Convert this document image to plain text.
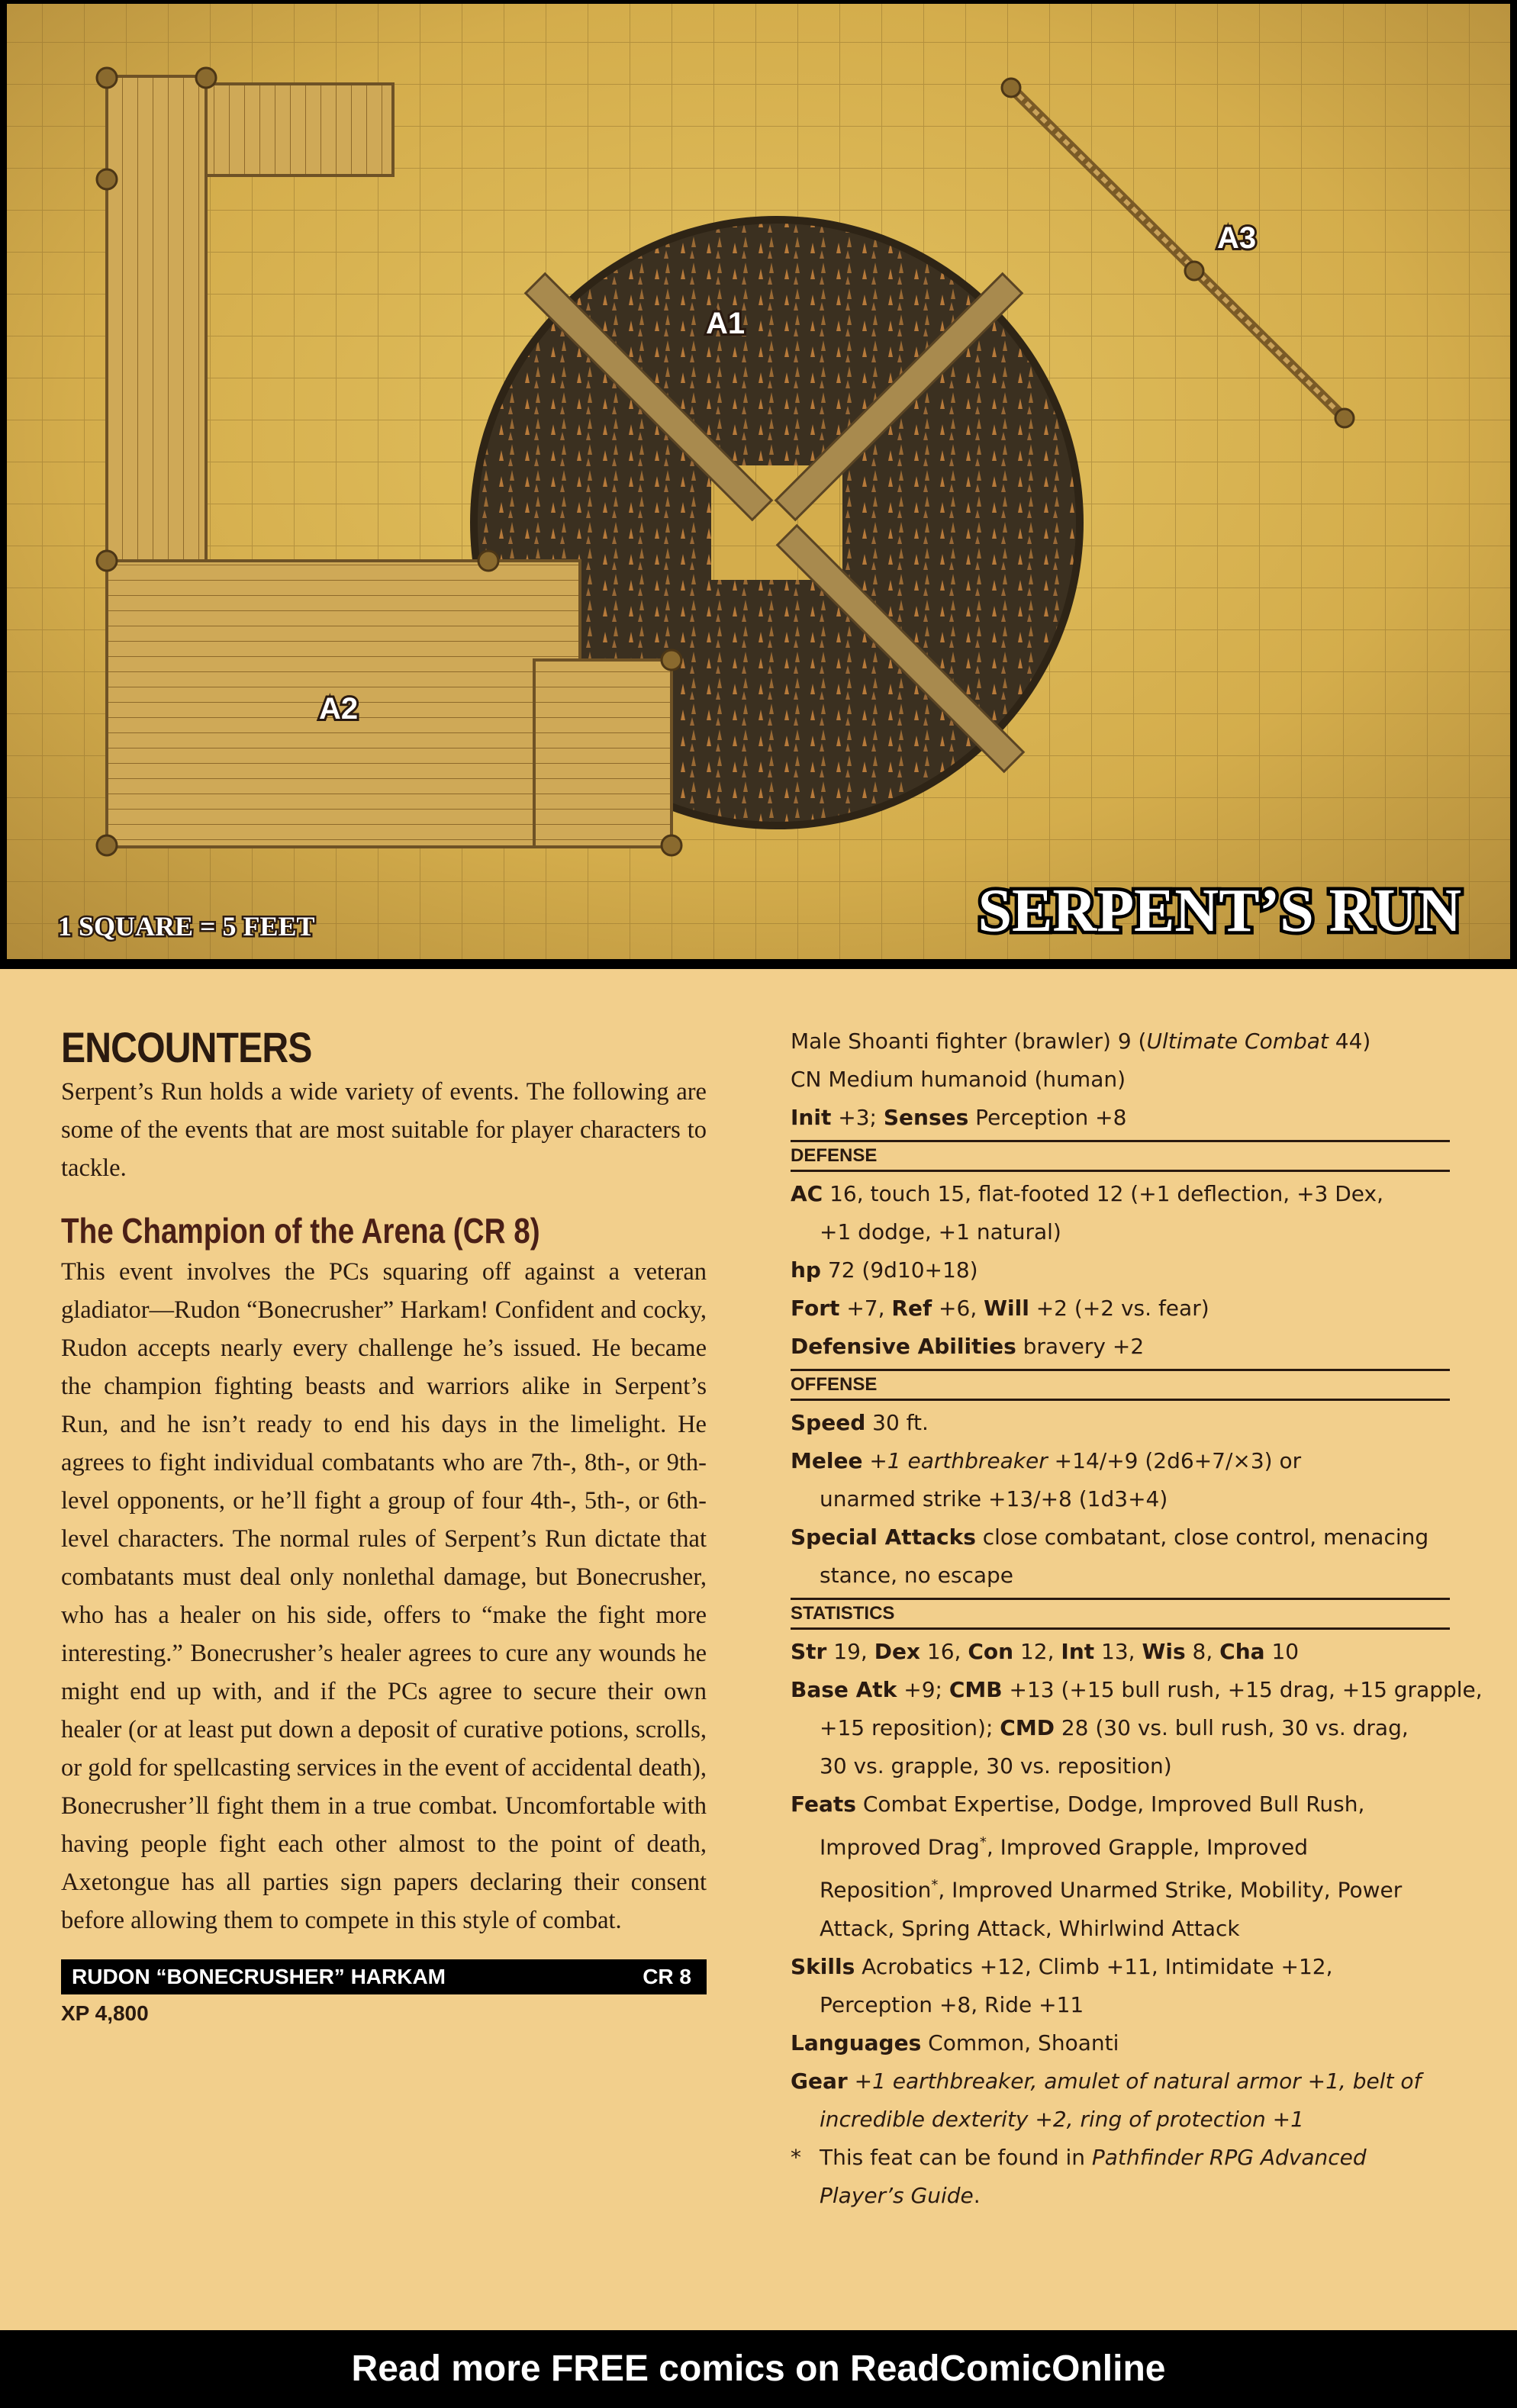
A1
A2
A3
1 SQUARE = 5 FEET	SERPENT’S RUN
ENCOUNTERS

Serpent’s Run holds a wide variety of events. The following are some of the events that are most suitable for player characters to tackle.

The Champion of the Arena (CR 8)

This event involves the PCs squaring off against a veteran gladiator—Rudon “Bonecrusher” Harkam! Confident and cocky, Rudon accepts nearly every challenge he’s issued. He became the champion fighting beasts and warriors alike in Serpent’s Run, and he isn’t ready to end his days in the limelight. He agrees to fight individual combatants who are 7th-, 8th-, or 9th-level opponents, or he’ll fight a group of four 4th-, 5th-, or 6th-level characters. The normal rules of Serpent’s Run dictate that combatants must deal only nonlethal damage, but Bonecrusher, who has a healer on his side, offers to “make the fight more interesting.” Bonecrusher’s healer agrees to cure any wounds he might end up with, and if the PCs agree to secure their own healer (or at least put down a deposit of curative potions, scrolls, or gold for spellcasting services in the event of accidental death), Bonecrusher’ll fight them in a true combat. Uncomfortable with having people fight each other almost to the point of death, Axetongue has all parties sign papers declaring their consent before allowing them to compete in this style of combat.

RUDON “BONECRUSHER” HARKAM	CR 8
XP 4,800
Male Shoanti fighter (brawler) 9 (Ultimate Combat 44)
CN Medium humanoid (human)
Init +3; Senses Perception +8
DEFENSE
AC 16, touch 15, flat-footed 12 (+1 deflection, +3 Dex,
+1 dodge, +1 natural)
hp 72 (9d10+18)
Fort +7, Ref +6, Will +2 (+2 vs. fear)
Defensive Abilities bravery +2
OFFENSE
Speed 30 ft.
Melee +1 earthbreaker +14/+9 (2d6+7/×3) or
unarmed strike +13/+8 (1d3+4)
Special Attacks close combatant, close control, menacing
stance, no escape
STATISTICS
Str 19, Dex 16, Con 12, Int 13, Wis 8, Cha 10
Base Atk +9; CMB +13 (+15 bull rush, +15 drag, +15 grapple,
+15 reposition); CMD 28 (30 vs. bull rush, 30 vs. drag,
30 vs. grapple, 30 vs. reposition)
Feats Combat Expertise, Dodge, Improved Bull Rush,
Improved Drag*, Improved Grapple, Improved
Reposition*, Improved Unarmed Strike, Mobility, Power
Attack, Spring Attack, Whirlwind Attack
Skills Acrobatics +12, Climb +11, Intimidate +12,
Perception +8, Ride +11
Languages Common, Shoanti
Gear +1 earthbreaker, amulet of natural armor +1, belt of
incredible dexterity +2, ring of protection +1
* This feat can be found in Pathfinder RPG Advanced
Player’s Guide.
Read more FREE comics on ReadComicOnline
